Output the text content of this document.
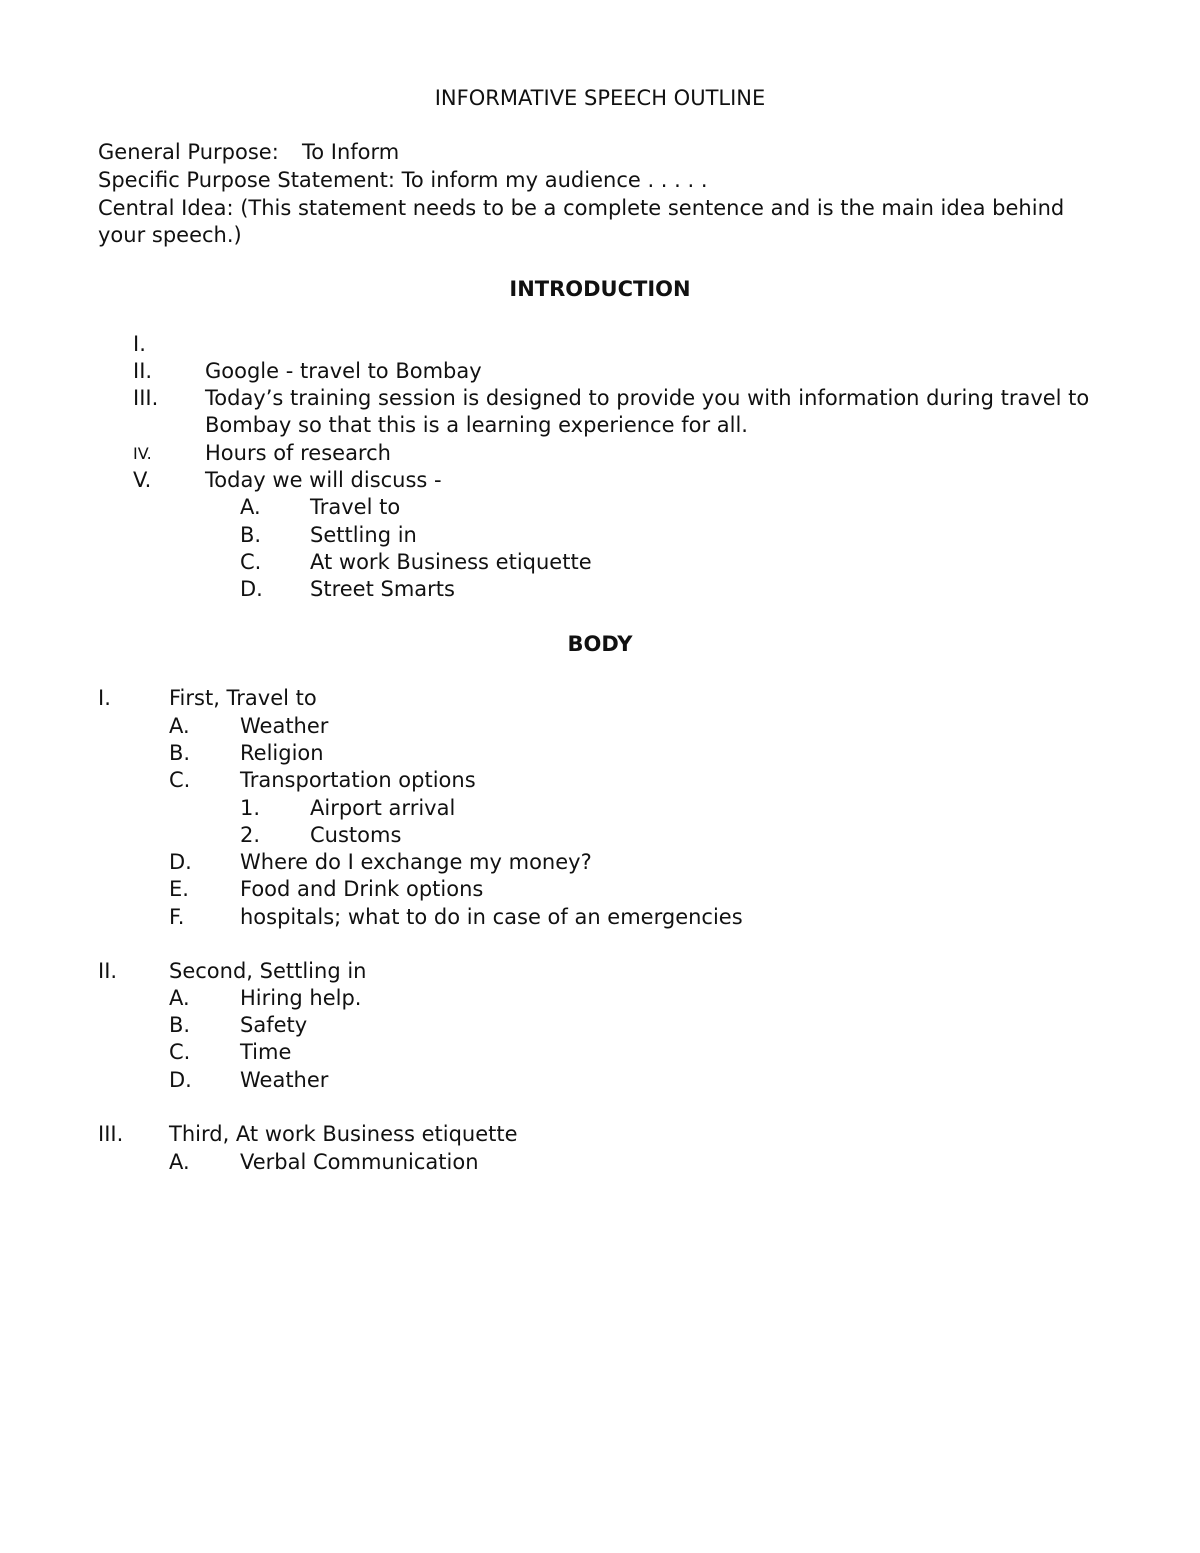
INFORMATIVE SPEECH OUTLINE
General Purpose: To Inform
Specific Purpose Statement: To inform my audience . . . . .
Central Idea: (This statement needs to be a complete sentence and is the main idea behind
your speech.)
INTRODUCTION
I.
II.	Google - travel to Bombay
III. Today’s training session is designed to provide you with information during travel to
Bombay so that this is a learning experience for all.
IV.	Hours of research
V.	Today we will discuss -
A. Travel to
B. Settling in
C. At work Business etiquette
D. Street Smarts
BODY
I.	First, Travel to
A. Weather
B. Religion
C. Transportation options
1. Airport arrival
2. Customs
D. Where do I exchange my money?
E. Food and Drink options
F.	hospitals; what to do in case of an emergencies
II. Second, Settling in
A. Hiring help.
B. Safety
C. Time
D. Weather
III. Third, At work Business etiquette
A. Verbal Communication
